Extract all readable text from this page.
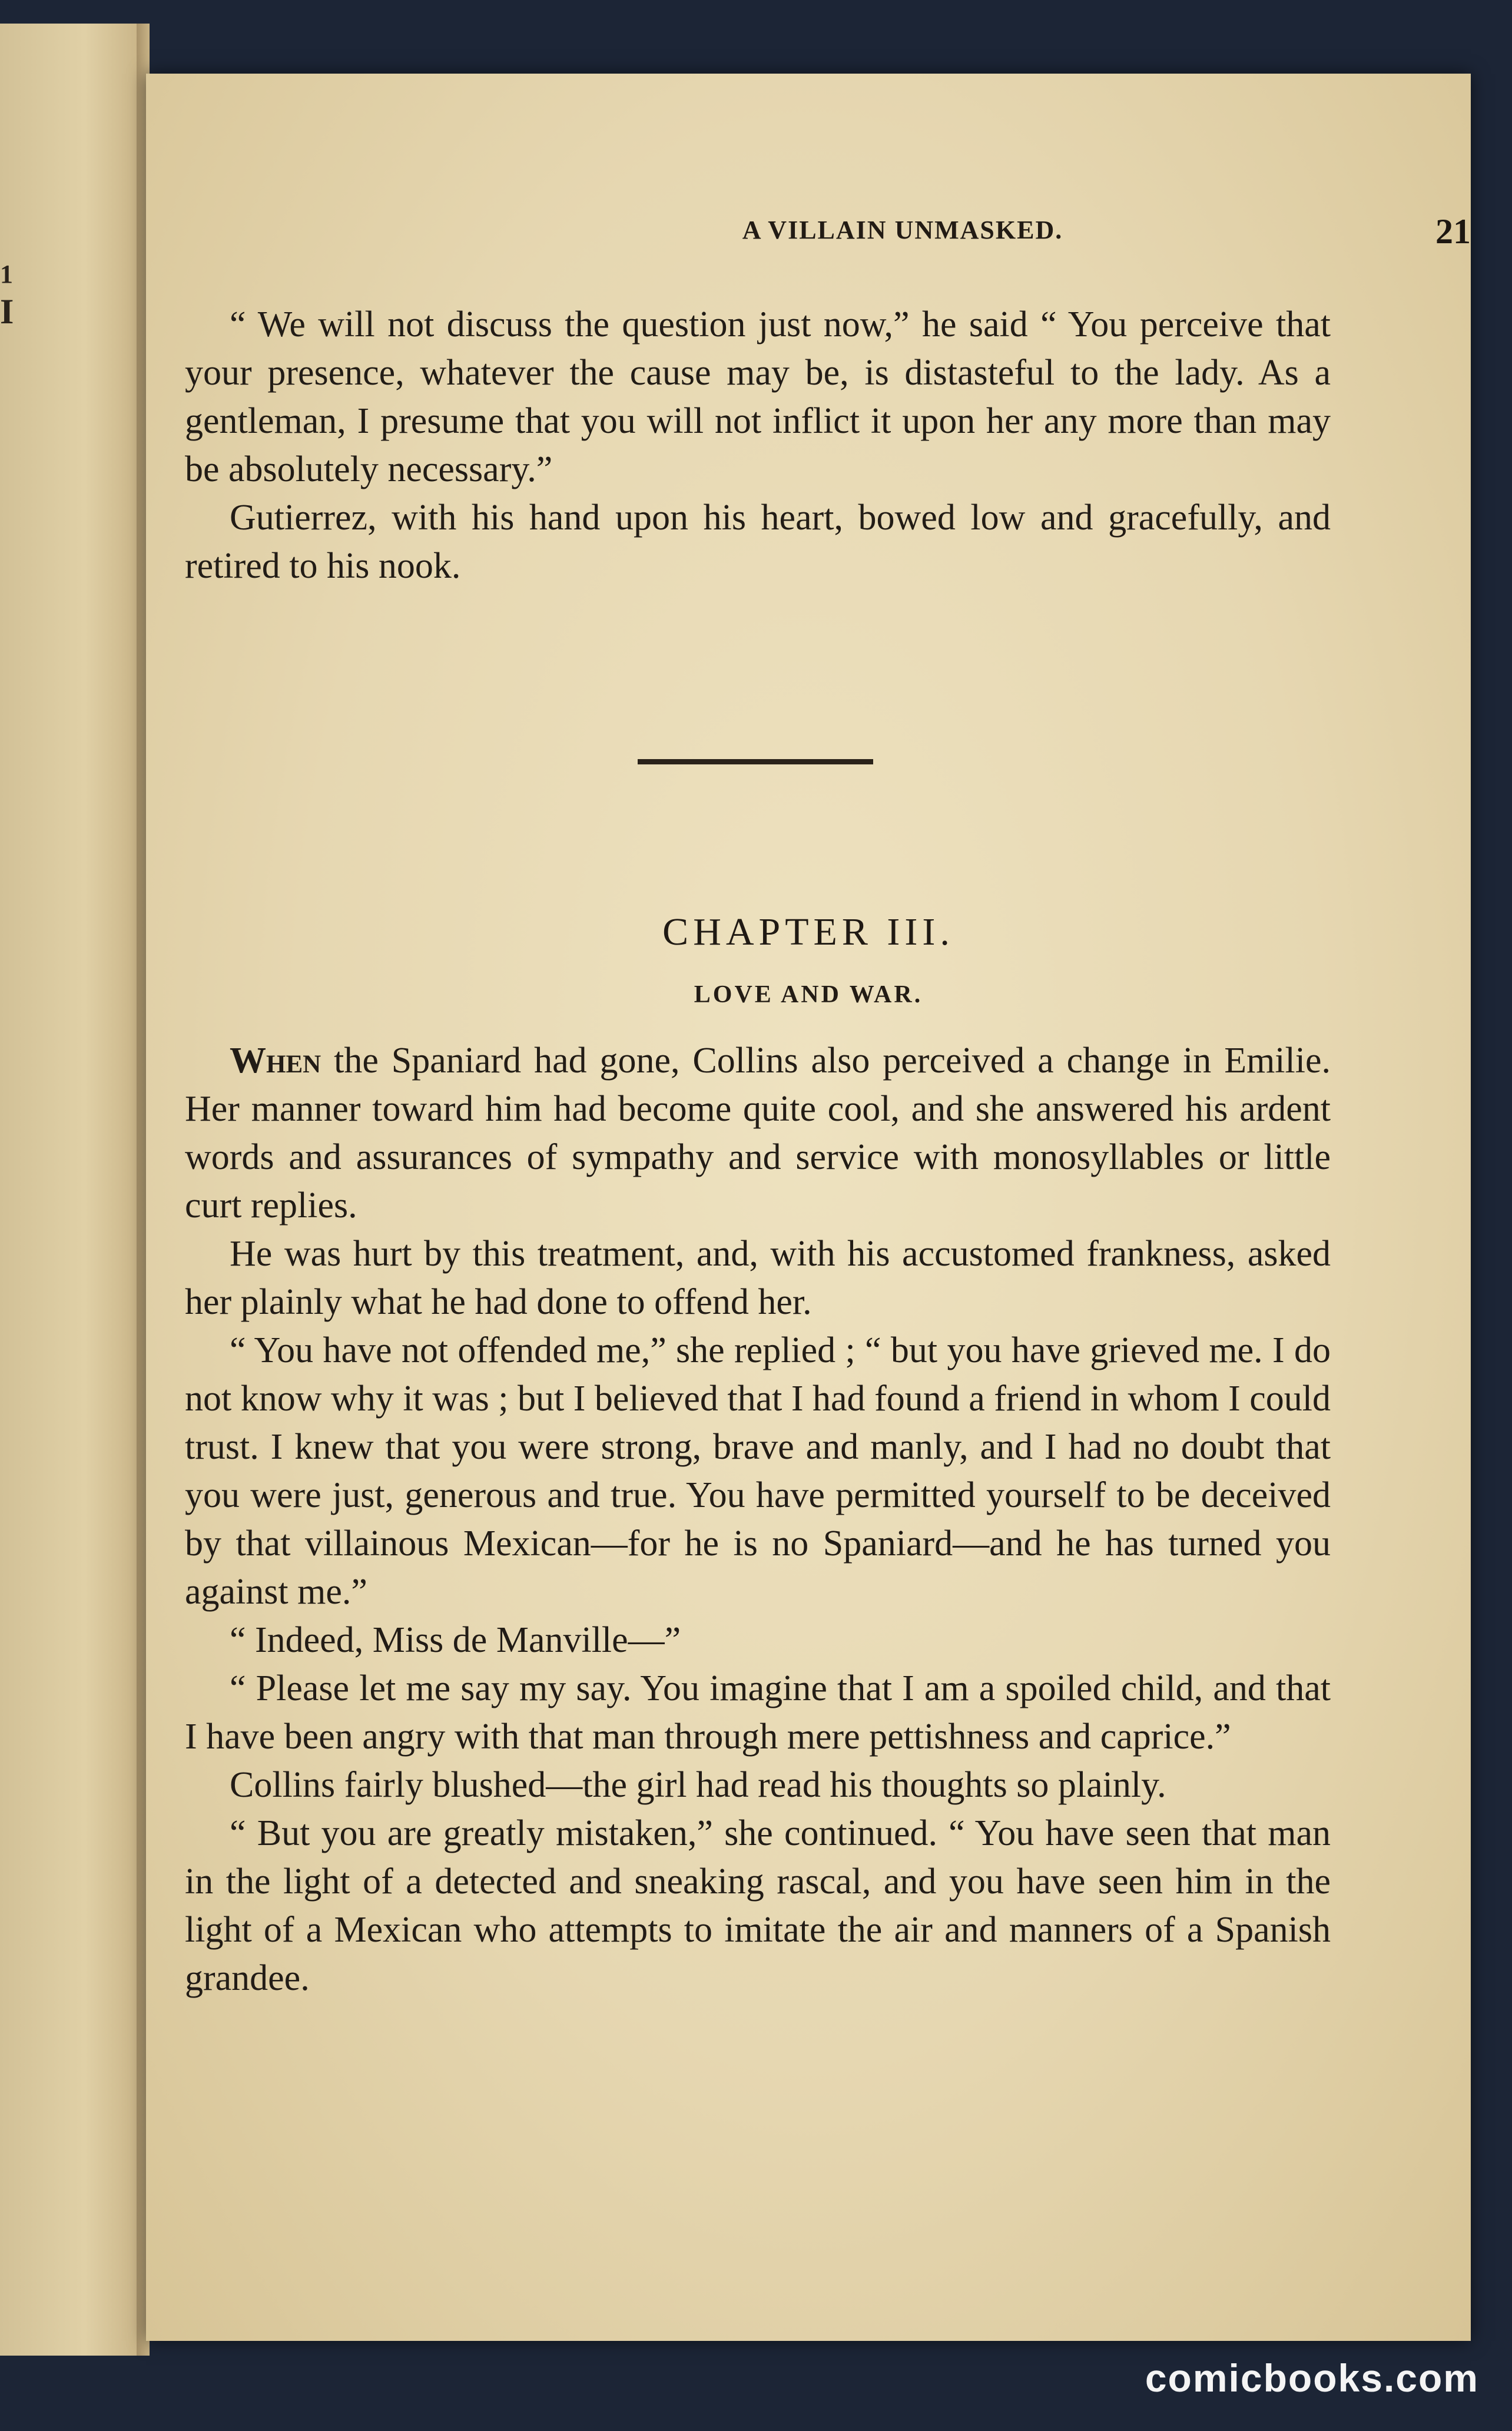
1
I
A VILLAIN UNMASKED.	21

“ We will not discuss the question just now,” he said “ You perceive that your presence, whatever the cause may be, is distasteful to the lady. As a gentleman, I presume that you will not inflict it upon her any more than may be absolutely necessary.”

Gutierrez, with his hand upon his heart, bowed low and gracefully, and retired to his nook.

CHAPTER III.
LOVE AND WAR.

When the Spaniard had gone, Collins also perceived a change in Emilie. Her manner toward him had become quite cool, and she answered his ardent words and assurances of sympathy and service with monosyllables or little curt replies.

He was hurt by this treatment, and, with his accustomed frankness, asked her plainly what he had done to offend her.

“ You have not offended me,” she replied ; “ but you have grieved me. I do not know why it was ; but I believed that I had found a friend in whom I could trust. I knew that you were strong, brave and manly, and I had no doubt that you were just, generous and true. You have permitted yourself to be deceived by that villainous Mexican—for he is no Spaniard—and he has turned you against me.”

“ Indeed, Miss de Manville—”

“ Please let me say my say. You imagine that I am a spoiled child, and that I have been angry with that man through mere pettishness and caprice.”

Collins fairly blushed—the girl had read his thoughts so plainly.

“ But you are greatly mistaken,” she continued. “ You have seen that man in the light of a detected and sneaking rascal, and you have seen him in the light of a Mexican who attempts to imitate the air and manners of a Spanish grandee.

comicbooks.com
